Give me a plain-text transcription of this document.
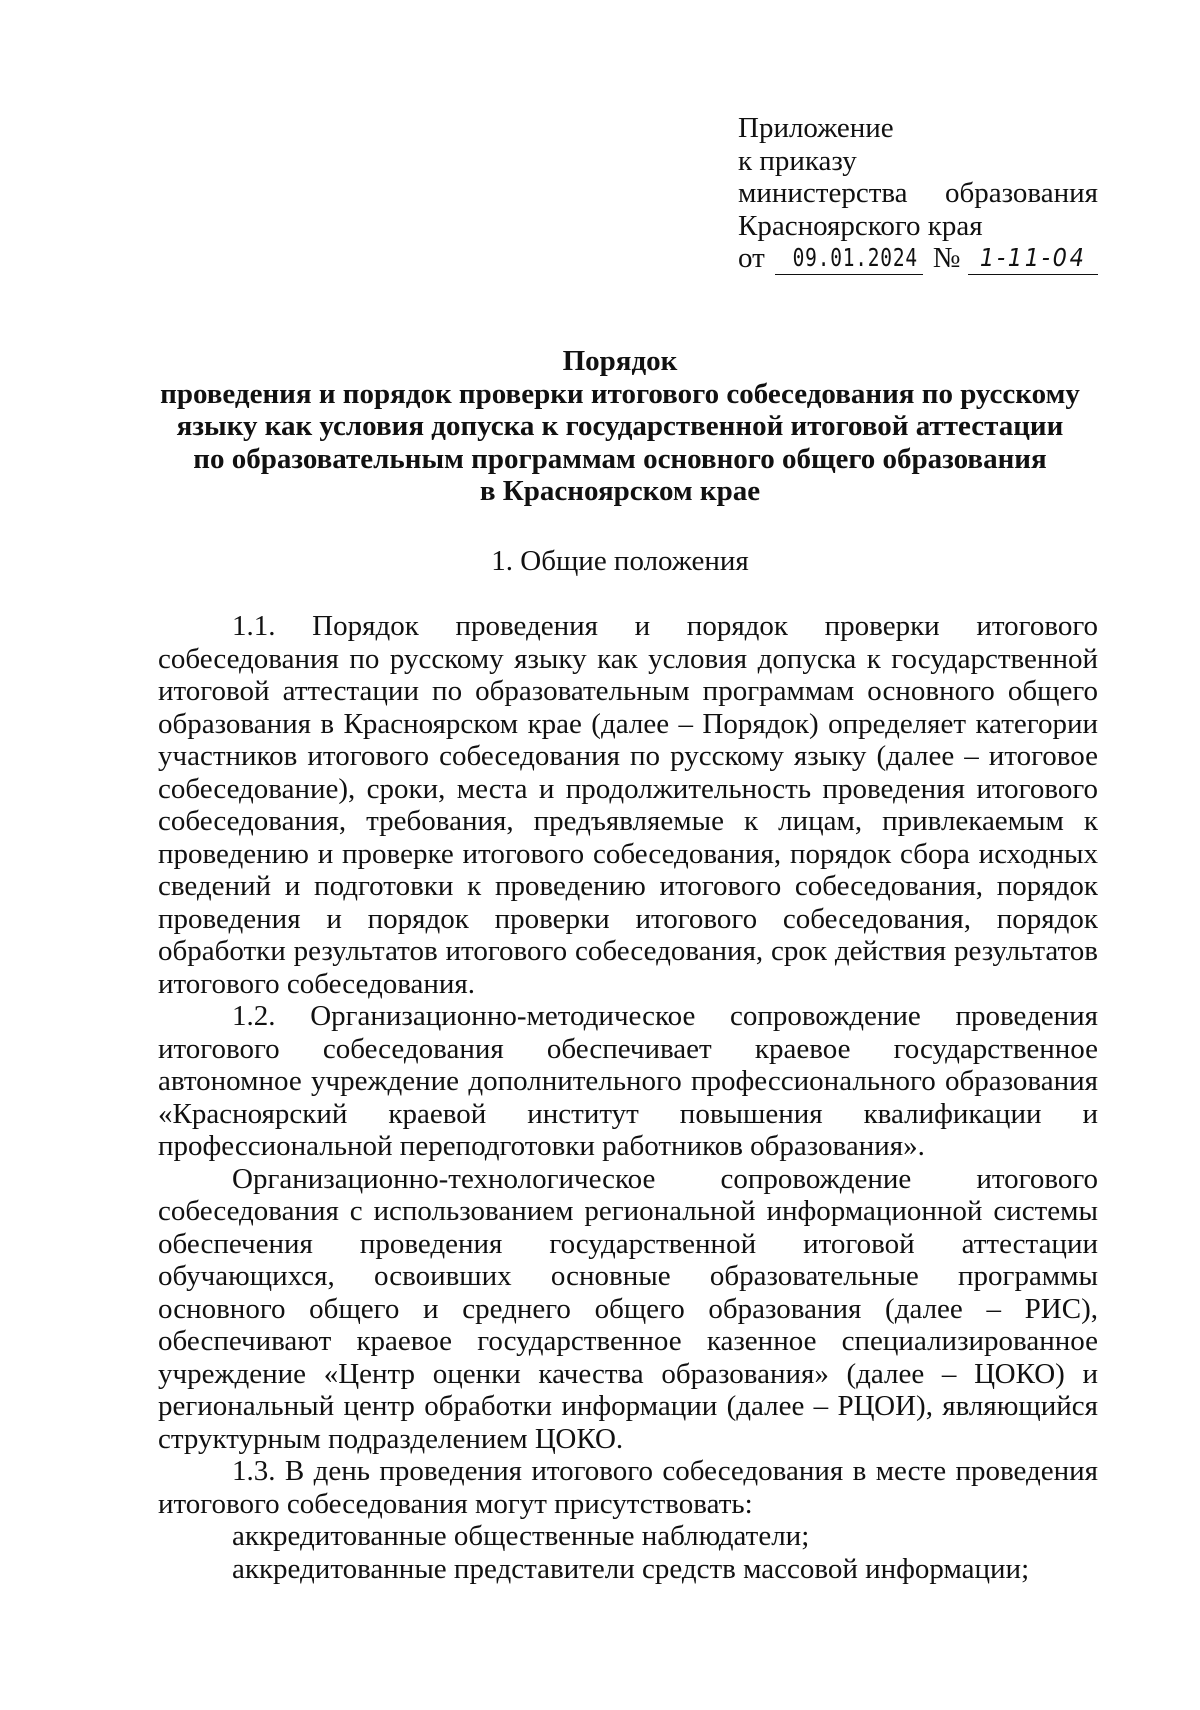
Приложение
к приказу
министерства образования
Красноярского края
от	09.01.2024 № 1-11-04
Порядок
проведения и порядок проверки итогового собеседования по русскому
языку как условия допуска к государственной итоговой аттестации
по образовательным программам основного общего образования
в Красноярском крае
1. Общие положения

1.1. Порядок проведения и порядок проверки итогового собеседования по русскому языку как условия допуска к государственной итоговой аттестации по образовательным программам основного общего образования в Красноярском крае (далее – Порядок) определяет категории участников итогового собеседования по русскому языку (далее – итоговое собеседование), сроки, места и продолжительность проведения итогового собеседования, требования, предъявляемые к лицам, привлекаемым к проведению и проверке итогового собеседования, порядок сбора исходных сведений и подготовки к проведению итогового собеседования, порядок проведения и порядок проверки итогового собеседования, порядок обработки результатов итогового собеседования, срок действия результатов итогового собеседования.

1.2. Организационно-методическое сопровождение проведения итогового собеседования обеспечивает краевое государственное автономное учреждение дополнительного профессионального образования «Красноярский краевой институт повышения квалификации и профессиональной переподготовки работников образования».

Организационно-технологическое сопровождение итогового собеседования с использованием региональной информационной системы обеспечения проведения государственной итоговой аттестации обучающихся, освоивших основные образовательные программы основного общего и среднего общего образования (далее – РИС), обеспечивают краевое государственное казенное специализированное учреждение «Центр оценки качества образования» (далее – ЦОКО) и региональный центр обработки информации (далее – РЦОИ), являющийся структурным подразделением ЦОКО.

1.3. В день проведения итогового собеседования в месте проведения итогового собеседования могут присутствовать:

аккредитованные общественные наблюдатели;

аккредитованные представители средств массовой информации;
